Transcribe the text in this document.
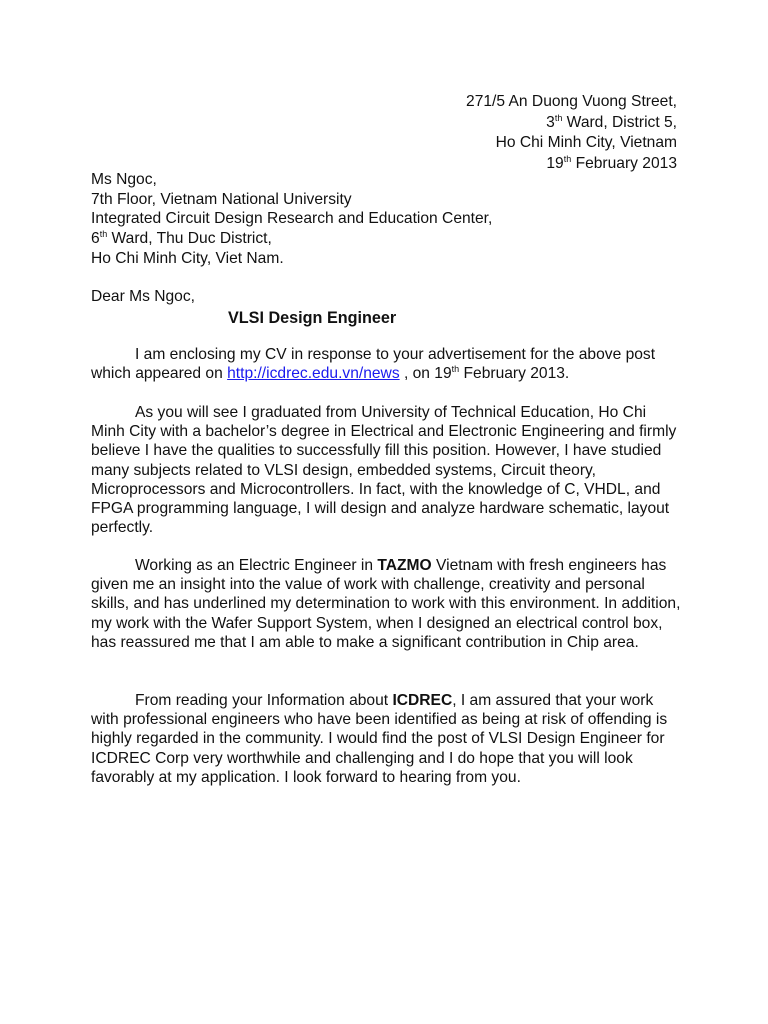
271/5 An Duong Vuong Street,
3th Ward, District 5,
Ho Chi Minh City, Vietnam
19th February 2013
Ms Ngoc,
7th Floor, Vietnam National University
Integrated Circuit Design Research and Education Center,
6th Ward, Thu Duc District,
Ho Chi Minh City, Viet Nam.
Dear Ms Ngoc,
VLSI Design Engineer

I am enclosing my CV in response to your advertisement for the above post which appeared on http://icdrec.edu.vn/news , on 19th February 2013.

As you will see I graduated from University of Technical Education, Ho Chi Minh City with a bachelor’s degree in Electrical and Electronic Engineering and firmly believe I have the qualities to successfully fill this position. However, I have studied many subjects related to VLSI design, embedded systems, Circuit theory, Microprocessors and Microcontrollers. In fact, with the knowledge of C, VHDL, and FPGA programming language, I will design and analyze hardware schematic, layout perfectly.

Working as an Electric Engineer in TAZMO Vietnam with fresh engineers has given me an insight into the value of work with challenge, creativity and personal skills, and has underlined my determination to work with this environment. In addition, my work with the Wafer Support System, when I designed an electrical control box, has reassured me that I am able to make a significant contribution in Chip area.

From reading your Information about ICDREC, I am assured that your work with professional engineers who have been identified as being at risk of offending is highly regarded in the community. I would find the post of VLSI Design Engineer for ICDREC Corp very worthwhile and challenging and I do hope that you will look favorably at my application. I look forward to hearing from you.
